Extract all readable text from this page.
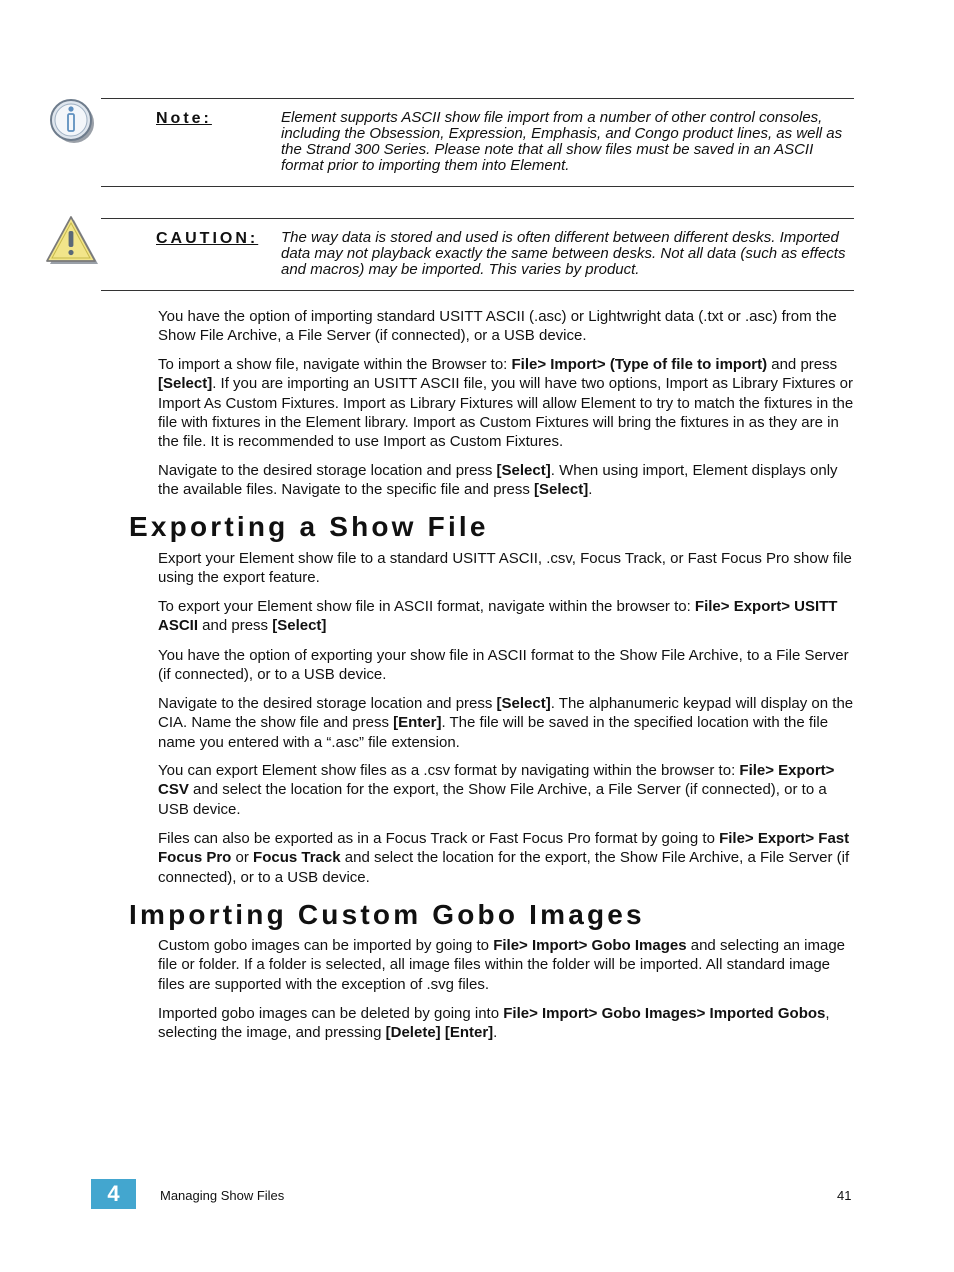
Note:	Element supports ASCII show file import from a number of other control consoles, including the Obsession, Expression, Emphasis, and Congo product lines, as well as the Strand 300 Series. Please note that all show files must be saved in an ASCII format prior to importing them into Element.
CAUTION: The way data is stored and used is often different between different desks. Imported data may not playback exactly the same between desks. Not all data (such as effects and macros) may be imported. This varies by product.

You have the option of importing standard USITT ASCII (.asc) or Lightwright data (.txt or .asc) from the Show File Archive, a File Server (if connected), or a USB device.

To import a show file, navigate within the Browser to: File> Import> (Type of file to import) and press [Select]. If you are importing an USITT ASCII file, you will have two options, Import as Library Fixtures or Import As Custom Fixtures. Import as Library Fixtures will allow Element to try to match the fixtures in the file with fixtures in the Element library. Import as Custom Fixtures will bring the fixtures in as they are in the file. It is recommended to use Import as Custom Fixtures.

Navigate to the desired storage location and press [Select]. When using import, Element displays only the available files. Navigate to the specific file and press [Select].

Exporting a Show File

Export your Element show file to a standard USITT ASCII, .csv, Focus Track, or Fast Focus Pro show file using the export feature.

To export your Element show file in ASCII format, navigate within the browser to: File> Export> USITT ASCII and press [Select]

You have the option of exporting your show file in ASCII format to the Show File Archive, to a File Server (if connected), or to a USB device.

Navigate to the desired storage location and press [Select]. The alphanumeric keypad will display on the CIA. Name the show file and press [Enter]. The file will be saved in the specified location with the file name you entered with a “.asc” file extension.

You can export Element show files as a .csv format by navigating within the browser to: File> Export> CSV and select the location for the export, the Show File Archive, a File Server (if connected), or to a USB device.

Files can also be exported as in a Focus Track or Fast Focus Pro format by going to File> Export> Fast Focus Pro or Focus Track and select the location for the export, the Show File Archive, a File Server (if connected), or to a USB device.

Importing Custom Gobo Images

Custom gobo images can be imported by going to File> Import> Gobo Images and selecting an image file or folder. If a folder is selected, all image files within the folder will be imported. All standard image files are supported with the exception of .svg files.

Imported gobo images can be deleted by going into File> Import> Gobo Images> Imported Gobos, selecting the image, and pressing [Delete] [Enter].

4	Managing Show Files	41
